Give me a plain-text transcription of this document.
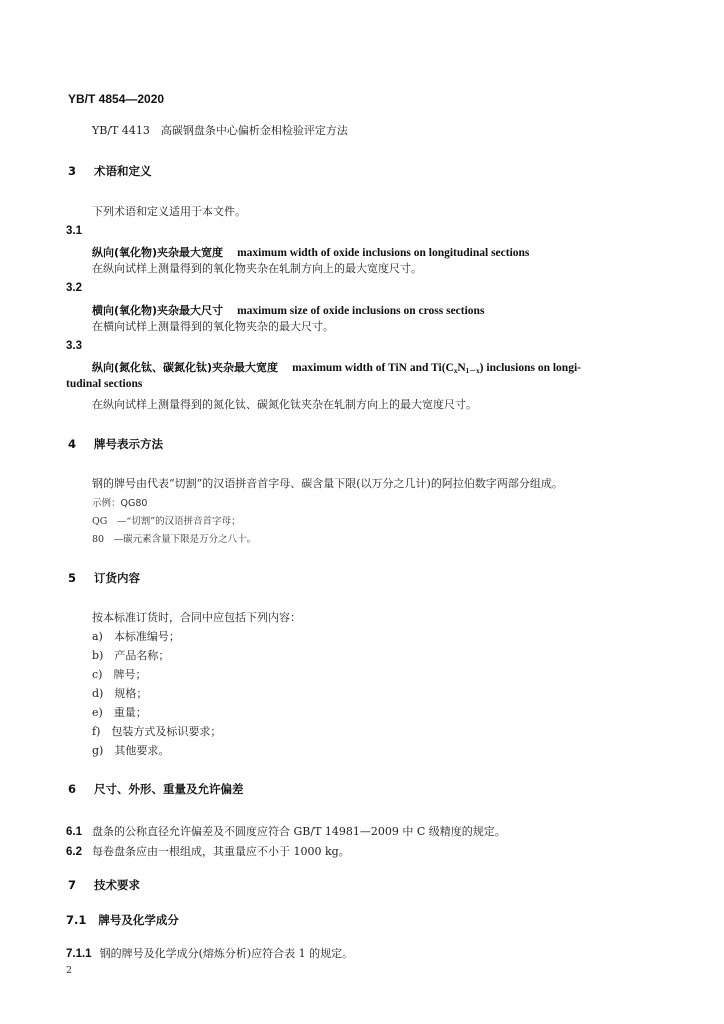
YB/T 4854—2020
YB/T 4413　高碳钢盘条中心偏析金相检验评定方法
3 术语和定义
下列术语和定义适用于本文件。
3.1
纵向(氧化物)夹杂最大宽度 maximum width of oxide inclusions on longitudinal sections
在纵向试样上测量得到的氧化物夹杂在轧制方向上的最大宽度尺寸。
3.2
横向(氧化物)夹杂最大尺寸 maximum size of oxide inclusions on cross sections
在横向试样上测量得到的氧化物夹杂的最大尺寸。
3.3
纵向(氮化钛、碳氮化钛)夹杂最大宽度 maximum width of TiN and $Ti(C_xN_{1-x})$ inclusions on longi-
tudinal sections
在纵向试样上测量得到的氮化钛、碳氮化钛夹杂在轧制方向上的最大宽度尺寸。
4 牌号表示方法
钢的牌号由代表“切割”的汉语拼音首字母、碳含量下限(以万分之几计)的阿拉伯数字两部分组成。
示例：QG80
QG　—“切割”的汉语拼音首字母；
80　—碳元素含量下限是万分之八十。
5 订货内容
按本标准订货时，合同中应包括下列内容：
a)　本标准编号；
b)　产品名称；
c)　牌号；
d)　规格；
e)　重量；
f)　包装方式及标识要求；
g)　其他要求。
6 尺寸、外形、重量及允许偏差
6.1 盘条的公称直径允许偏差及不圆度应符合 GB/T 14981—2009 中 C 级精度的规定。
6.2 每卷盘条应由一根组成，其重量应不小于 1000 kg。
7 技术要求
7.1 牌号及化学成分
7.1.1 钢的牌号及化学成分(熔炼分析)应符合表 1 的规定。
2
